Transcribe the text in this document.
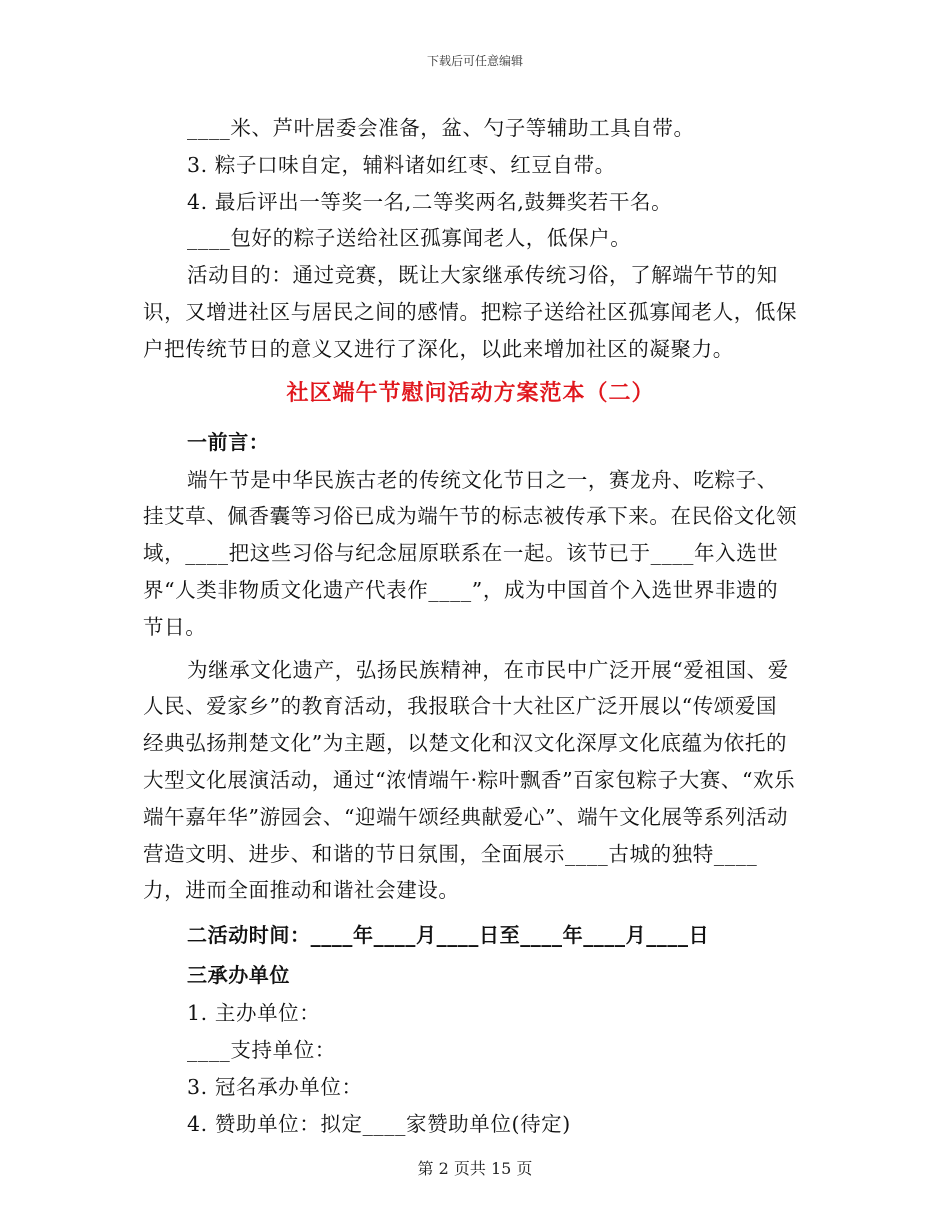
下载后可任意编辑

____米、芦叶居委会准备，盆、勺子等辅助工具自带。

3. 粽子口味自定，辅料诸如红枣、红豆自带。

4. 最后评出一等奖一名,二等奖两名,鼓舞奖若干名。

____包好的粽子送给社区孤寡闻老人，低保户。

活动目的：通过竞赛，既让大家继承传统习俗，了解端午节的知识，又增进社区与居民之间的感情。把粽子送给社区孤寡闻老人，低保户把传统节日的意义又进行了深化，以此来增加社区的凝聚力。

社区端午节慰问活动方案范本（二）

一前言：

端午节是中华民族古老的传统文化节日之一，赛龙舟、吃粽子、挂艾草、佩香囊等习俗已成为端午节的标志被传承下来。在民俗文化领域，____把这些习俗与纪念屈原联系在一起。该节已于____年入选世界“人类非物质文化遗产代表作____”，成为中国首个入选世界非遗的节日。

为继承文化遗产，弘扬民族精神，在市民中广泛开展“爱祖国、爱人民、爱家乡”的教育活动，我报联合十大社区广泛开展以“传颂爱国经典弘扬荆楚文化”为主题，以楚文化和汉文化深厚文化底蕴为依托的大型文化展演活动，通过“浓情端午·粽叶飘香”百家包粽子大赛、“欢乐端午嘉年华”游园会、“迎端午颂经典献爱心”、端午文化展等系列活动营造文明、进步、和谐的节日氛围，全面展示____古城的独特____力，进而全面推动和谐社会建设。

二活动时间：____年____月____日至____年____月____日

三承办单位

1. 主办单位：

____支持单位：

3. 冠名承办单位：

4. 赞助单位：拟定____家赞助单位(待定)

第 2 页共 15 页
